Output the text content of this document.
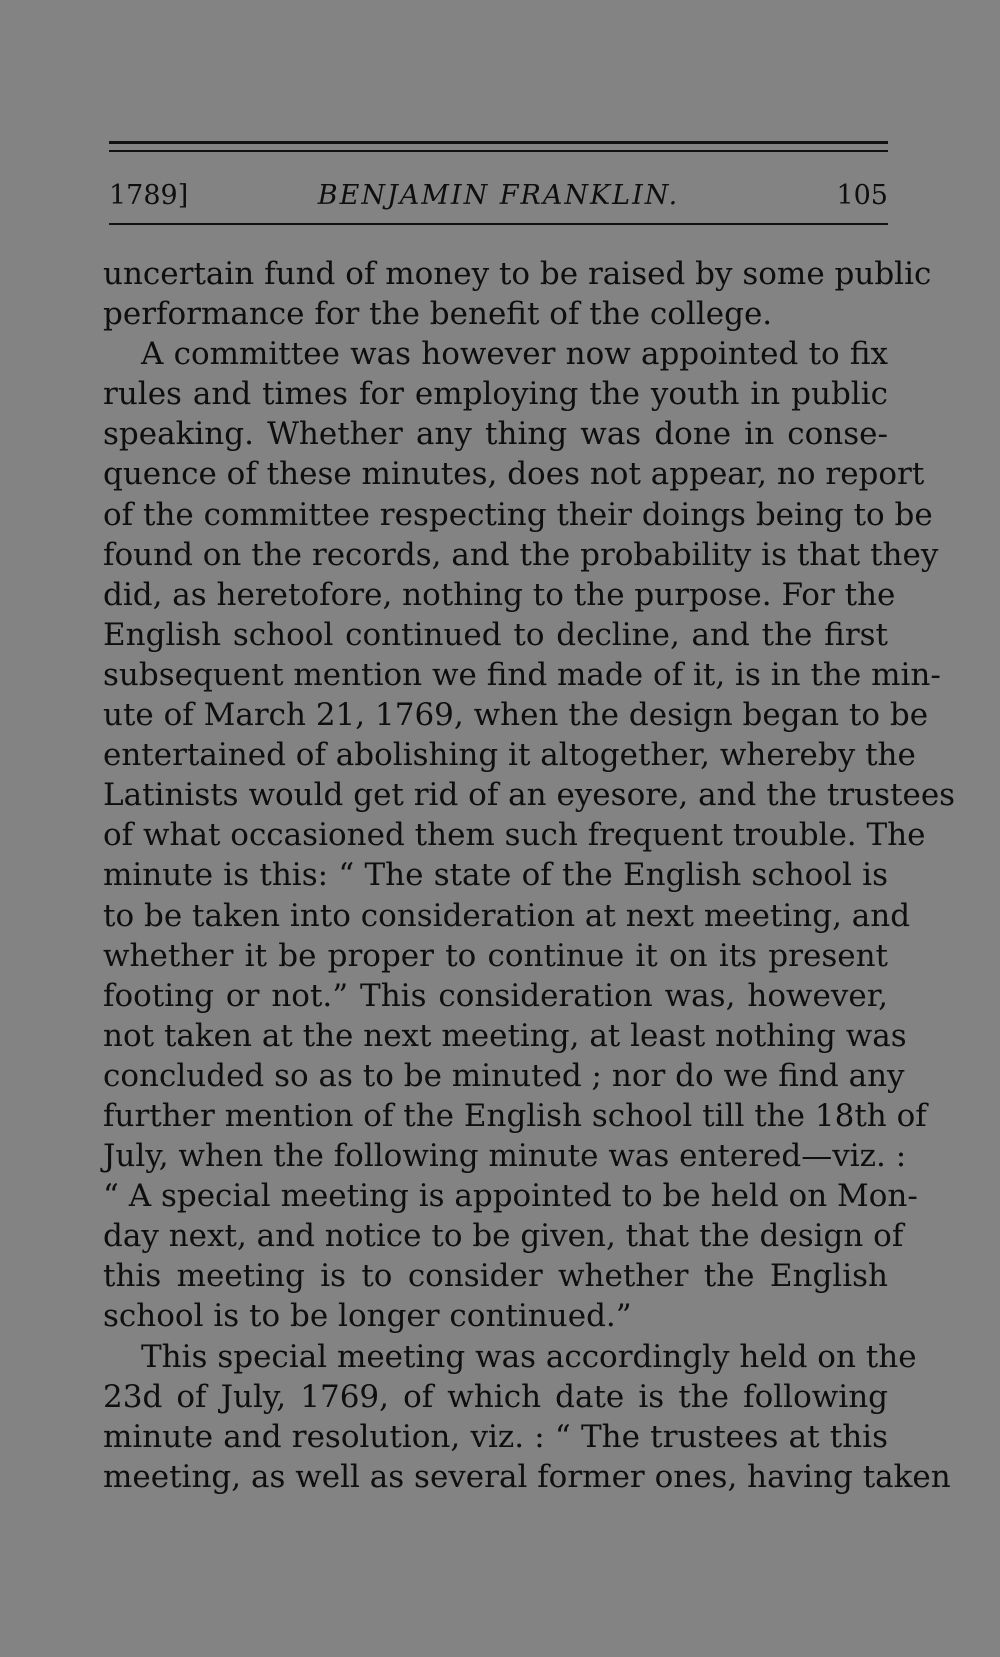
1789]	BENJAMIN FRANKLIN.	105
uncertain fund of money to be raised by some public
performance for the benefit of the college.
A committee was however now appointed to fix
rules and times for employing the youth in public
speaking. Whether any thing was done in conse-
quence of these minutes, does not appear, no report
of the committee respecting their doings being to be
found on the records, and the probability is that they
did, as heretofore, nothing to the purpose. For the
English school continued to decline, and the first
subsequent mention we find made of it, is in the min-
ute of March 21, 1769, when the design began to be
entertained of abolishing it altogether, whereby the
Latinists would get rid of an eyesore, and the trustees
of what occasioned them such frequent trouble. The
minute is this: “ The state of the English school is
to be taken into consideration at next meeting, and
whether it be proper to continue it on its present
footing or not.” This consideration was, however,
not taken at the next meeting, at least nothing was
concluded so as to be minuted ; nor do we find any
further mention of the English school till the 18th of
July, when the following minute was entered—viz. :
“ A special meeting is appointed to be held on Mon-
day next, and notice to be given, that the design of
this meeting is to consider whether the English
school is to be longer continued.”
This special meeting was accordingly held on the
23d of July, 1769, of which date is the following
minute and resolution, viz. : “ The trustees at this
meeting, as well as several former ones, having taken
